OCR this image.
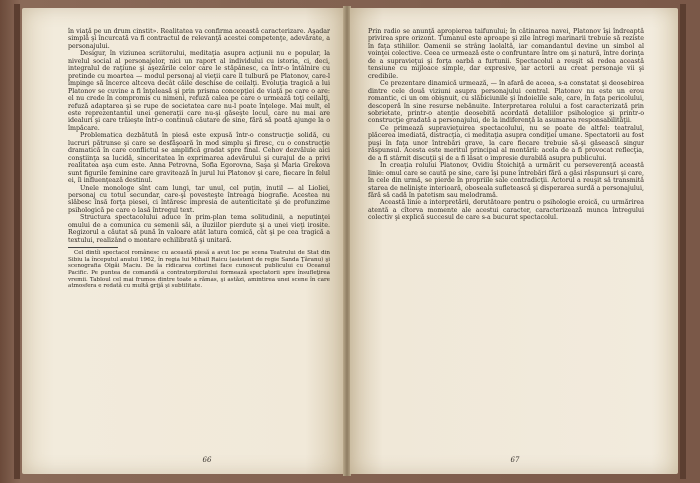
în viaţă pe un drum cinstit». Realitatea va confirma această caracterizare. Aşadar simplă şi încurcată va fi contractul de relevanţă acestei competenţe, adevărate, a personajului.

Desigur, în viziunea scriitorului, meditaţia asupra acţiunii nu e popular, la nivelul social al personajelor, nici un raport al individului cu istoria, ci, deci, integralul de raţiune şi aşezările celor care le stăpânesc, ca într-o întâlnire cu pretinde cu moartea — modul personaj al vieţii care îl tulbură pe Platonov, care-l împinge să încerce altceva decât căile deschise de ceilalţi. Evoluţia tragică a lui Platonov se cuvine a fi înţeleasă şi prin prisma concepţiei de viaţă pe care o are: el nu crede în compromis cu nimeni, refuză calea pe care o urmează toţi ceilalţi, refuză adaptarea şi se rupe de societatea care nu-l poate înţelege. Mai mult, el este reprezentantul unei generaţii care nu-şi găseşte locul, care nu mai are idealuri şi care trăieşte într-o continuă căutare de sine, fără să poată ajunge la o împăcare.

Problematica dezbătută în piesă este expusă într-o construcţie solidă, cu lucruri pătrunse şi care se desfăşoară în mod simplu şi firesc, cu o construcţie dramatică în care conflictul se amplifică gradat spre final. Cehov dezvăluie aici conştiinţa sa lucidă, sinceritatea în exprimarea adevărului şi curajul de a privi realitatea aşa cum este. Anna Petrovna, Sofia Egorovna, Saşa şi Maria Grekova sunt figurile feminine care gravitează în jurul lui Platonov şi care, fiecare în felul ei, îi influenţează destinul.

Unele monologe sînt cam lungi, tar unul, cel puţin, inutil — al Lioliei, personaj cu totul secundar, care-şi povesteşte întreaga biografie. Acestea nu slăbesc însă forţa piesei, ci întăresc impresia de autenticitate şi de profunzime psihologică pe care o lasă întregul text.

Structura spectacolului aduce în prim-plan tema solitudinii, a neputinţei omului de a comunica cu semenii săi, a iluziilor pierdute şi a unei vieţi irosite. Regizorul a căutat să pună în valoare atât latura comică, cât şi pe cea tragică a textului, realizând o montare echilibrată şi unitară.

Cel dintîi spectacol românesc cu această piesă a avut loc pe scena Teatrului de Stat din Sibiu la începutul anului 1962, în regia lui Mihail Raicu (asistent de regie Sanda Ţăranu) şi scenografia Olgăi Maciu. De la ridicarea cortinei face cunoscut publicului cu Oceanul Pacific. Pe puntea de comandă a contratorpilorului formează spectatorii spre însufleţirea vremii. Tabloul cel mai frumos dintre toate a rămas, şi astăzi, amintirea unei scene în care atmosfera e redată cu multă grijă şi subtilitate.

66

Prin radio se anunţă apropierea taifunului; în cătinarea navei, Platonov îşi îndreaptă privirea spre orizont. Tumanul este aproape şi zile întregi marinarii trebuie să reziste în faţa stihiilor. Oamenii se strâng laolaltă, iar comandantul devine un simbol al voinţei colective. Ceea ce urmează este o confruntare între om şi natură, între dorinţa de a supravieţui şi forţa oarbă a furtunii. Spectacolul a reuşit să redea această tensiune cu mijloace simple, dar expresive, iar actorii au creat personaje vii şi credibile.

Ce prezentare dinamică urmează, — în afară de aceea, s-a constatat şi deosebirea dintre cele două viziuni asupra personajului central. Platonov nu este un erou romantic, ci un om obişnuit, cu slăbiciunile şi îndoielile sale, care, în faţa pericolului, descoperă în sine resurse nebănuite. Interpretarea rolului a fost caracterizată prin sobrietate, printr-o atenţie deosebită acordată detaliilor psihologice şi printr-o construcţie gradată a personajului, de la indiferenţă la asumarea responsabilităţii.

Ce primează supravieţuirea spectacolului, nu se poate de altfel: teatralul, plăcerea imediată, distracţia, ci meditaţia asupra condiţiei umane. Spectatorii au fost puşi în faţa unor întrebări grave, la care fiecare trebuie să-şi găsească singur răspunsul. Acesta este meritul principal al montării: acela de a fi provocat reflecţia, de a fi stârnit discuţii şi de a fi lăsat o impresie durabilă asupra publicului.

În creaţia rolului Platonov, Ovidiu Stoichiţă a urmărit cu perseverenţă această linie: omul care se caută pe sine, care îşi pune întrebări fără a găsi răspunsuri şi care, în cele din urmă, se pierde în propriile sale contradicţii. Actorul a reuşit să transmită starea de nelinişte interioară, oboseala sufletească şi disperarea surdă a personajului, fără să cadă în patetism sau melodramă.

Această linie a interpretării, derutătoare pentru o psihologie eroică, cu urmărirea atentă a cîtorva momente ale acestui caracter, caracterizează munca întregului colectiv şi explică succesul de care s-a bucurat spectacolul.

67
